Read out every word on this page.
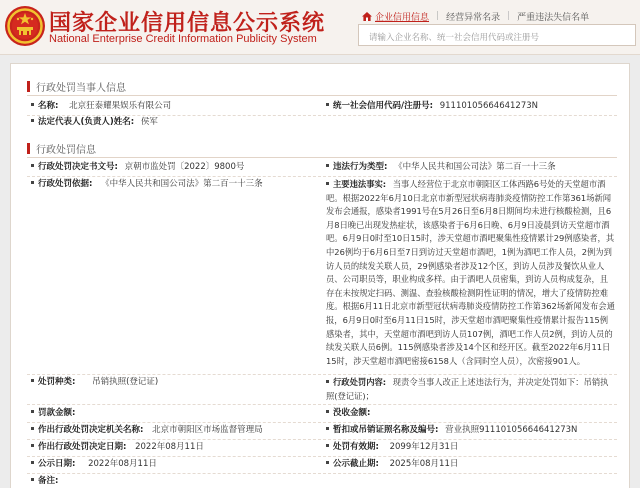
国家企业信用信息公示系统
National Enterprise Credit Information Publicity System
企业信用信息 | 经营异常名录 | 严重违法失信名单
请输入企业名称、统一社会信用代码或注册号
行政处罚当事人信息
名称: 北京狂泰耀果娱乐有限公司	统一社会信用代码/注册号: 91110105664641273N
法定代表人(负责人)姓名: 侯军
行政处罚信息
行政处罚决定书文号: 京朝市监处罚〔2022〕9800号	违法行为类型: 《中华人民共和国公司法》第二百一十三条
行政处罚依据: 《中华人民共和国公司法》第二百一十三条	主要违法事实: 当事人经营位于北京市朝阳区工体西路6号处的天堂超市酒吧。根据2022年6月10日北京市新型冠状病毒肺炎疫情防控工作第361场新闻发布会通报，感染者1991号在5月26日至6月8日期间均未进行核酸检测，且6月8日晚已出现发热症状，该感染者于6月6日晚、6月9日凌晨到访天堂超市酒吧。6月9日0时至10日15时，涉天堂超市酒吧聚集性疫情累计29例感染者，其中26例均于6月6日至7日到访过天堂超市酒吧，1例为酒吧工作人员，2例为到访人员的续发关联人员，29例感染者涉及12个区，到访人员涉及餐饮从业人员、公司职员等，职业构成多样。由于酒吧人员密集，到访人员构成复杂，且存在未按规定扫码、测温、查验核酸检测阴性证明的情况，增大了疫情防控难度。根据6月11日北京市新型冠状病毒肺炎疫情防控工作第362场新闻发布会通报，6月9日0时至6月11日15时，涉天堂超市酒吧聚集性疫情累计报告115例感染者，其中，天堂超市酒吧到访人员107例，酒吧工作人员2例，到访人员的续发关联人员6例。115例感染者涉及14个区和经开区。截至2022年6月11日15时，涉天堂超市酒吧密接6158人（含同时空人员），次密接901人。
处罚种类: 吊销执照(登记证)	行政处罚内容: 现责令当事人改正上述违法行为，并决定处罚如下：吊销执照(登记证)；
罚款金额:	没收金额:
作出行政处罚决定机关名称: 北京市朝阳区市场监督管理局	暂扣或吊销证照名称及编号: 营业执照91110105664641273N
作出行政处罚决定日期: 2022年08月11日	处罚有效期: 2099年12月31日
公示日期: 2022年08月11日	公示截止期: 2025年08月11日
备注:
